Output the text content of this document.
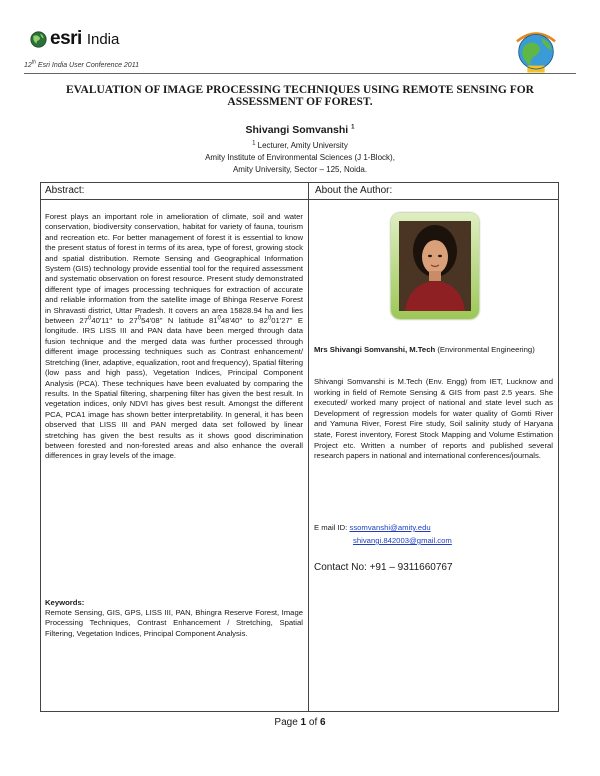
esri India
12th Esri India User Conference 2011
EVALUATION OF IMAGE PROCESSING TECHNIQUES USING REMOTE SENSING FOR
ASSESSMENT OF FOREST.
Shivangi Somvanshi $^1$
$^1$ Lecturer, Amity University
Amity Institute of Environmental Sciences (J 1-Block),
Amity University, Sector – 125, Noida.
Abstract:	About the Author:
Forest plays an important role in amelioration of climate, soil and water conservation, biodiversity conservation, habitat for variety of fauna, tourism and recreation etc. For better management of forest it is essential to know the present status of forest in terms of its area, type of forest, growing stock and spatial distribution. Remote Sensing and Geographical Information System (GIS) technology provide essential tool for the required assessment and systematic observation on forest resource. Present study demonstrated different type of images processing techniques for extraction of accurate and reliable information from the satellite image of Bhinga Reserve Forest in Shravasti district, Uttar Pradesh. It covers an area 15828.94 ha and lies between $27^040'11$" to $27^054'08''$ N latitude $81^048'40$" to $82^001'27$" E longitude. IRS LISS III and PAN data have been merged through data fusion technique and the merged data was further processed through different image processing techniques such as Contrast enhancement/ Stretching (liner, adaptive, equalization, root and frequency), Spatial filtering (low pass and high pass), Vegetation Indices, Principal Component Analysis (PCA). These techniques have been evaluated by comparing the results. In the Spatial filtering, sharpening filter has given the best result. In vegetation indices, only NDVI has gives best result. Amongst the different PCA, PCA1 image has shown better interpretability. In general, it has been observed that LISS III and PAN merged data set followed by linear stretching has given the best results as it shows good discrimination between forested and non-forested areas and also enhance the overall differences in gray levels of the image.
Keywords:
Remote Sensing, GIS, GPS, LISS III, PAN, Bhingra Reserve Forest, Image Processing Techniques, Contrast Enhancement / Stretching, Spatial Filtering, Vegetation Indices, Principal Component Analysis.
Mrs Shivangi Somvanshi, M.Tech (Environmental Engineering)
Shivangi Somvanshi is M.Tech (Env. Engg) from IET, Lucknow and working in field of Remote Sensing & GIS from past 2.5 years. She executed/ worked many project of national and state level such as Development of regression models for water quality of Gomti River and Yamuna River, Forest Fire study, Soil salinity study of Haryana state, Forest inventory, Forest Stock Mapping and Volume Estimation Project etc. Written a number of reports and published several research papers in national and international conferences/journals.
E mail ID: ssomvanshi@amity.edu
shivangi.842003@gmail.com
Contact No: +91 – 9311660767
Page 1 of 6
